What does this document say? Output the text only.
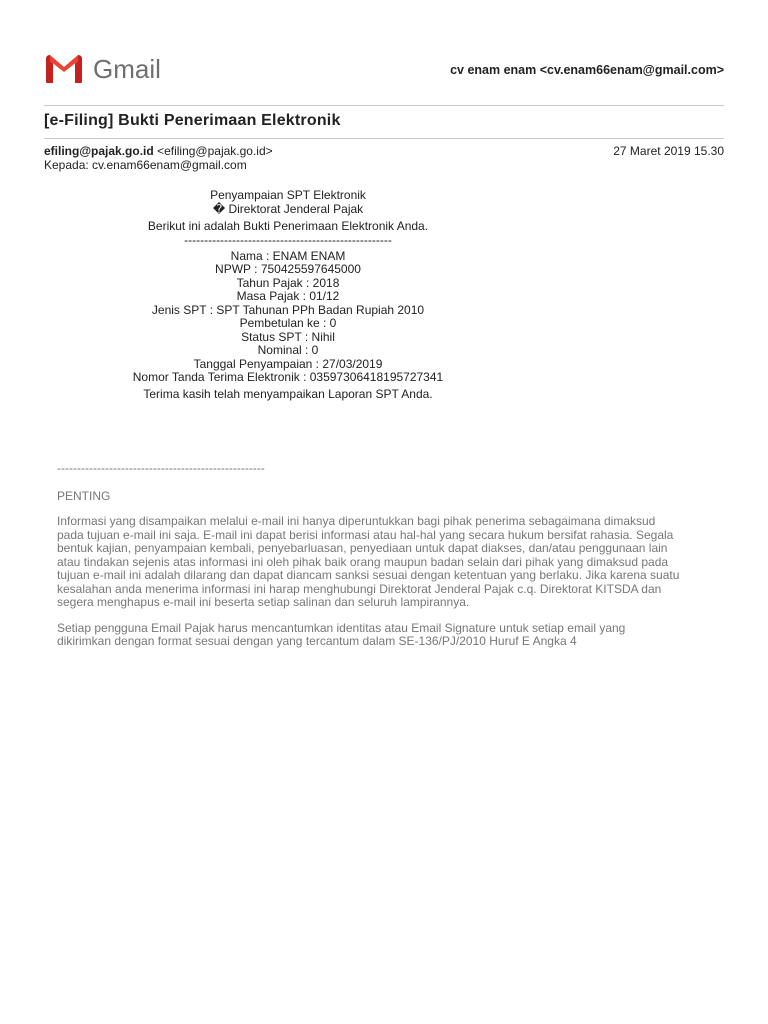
Gmail	cv enam enam <cv.enam66enam@gmail.com>
[e-Filing] Bukti Penerimaan Elektronik
efiling@pajak.go.id <efiling@pajak.go.id>
Kepada: cv.enam66enam@gmail.com
27 Maret 2019 15.30
Penyampaian SPT Elektronik
� Direktorat Jenderal Pajak
Berikut ini adalah Bukti Penerimaan Elektronik Anda.
----------------------------------------------------
Nama : ENAM ENAM
NPWP : 750425597645000
Tahun Pajak : 2018
Masa Pajak : 01/12
Jenis SPT : SPT Tahunan PPh Badan Rupiah 2010
Pembetulan ke : 0
Status SPT : Nihil
Nominal : 0
Tanggal Penyampaian : 27/03/2019
Nomor Tanda Terima Elektronik : 03597306418195727341
Terima kasih telah menyampaikan Laporan SPT Anda.
----------------------------------------------------
PENTING
Informasi yang disampaikan melalui e-mail ini hanya diperuntukkan bagi pihak penerima sebagaimana dimaksud
pada tujuan e-mail ini saja. E-mail ini dapat berisi informasi atau hal-hal yang secara hukum bersifat rahasia. Segala
bentuk kajian, penyampaian kembali, penyebarluasan, penyediaan untuk dapat diakses, dan/atau penggunaan lain
atau tindakan sejenis atas informasi ini oleh pihak baik orang maupun badan selain dari pihak yang dimaksud pada
tujuan e-mail ini adalah dilarang dan dapat diancam sanksi sesuai dengan ketentuan yang berlaku. Jika karena suatu
kesalahan anda menerima informasi ini harap menghubungi Direktorat Jenderal Pajak c.q. Direktorat KITSDA dan
segera menghapus e-mail ini beserta setiap salinan dan seluruh lampirannya.
Setiap pengguna Email Pajak harus mencantumkan identitas atau Email Signature untuk setiap email yang
dikirimkan dengan format sesuai dengan yang tercantum dalam SE-136/PJ/2010 Huruf E Angka 4
